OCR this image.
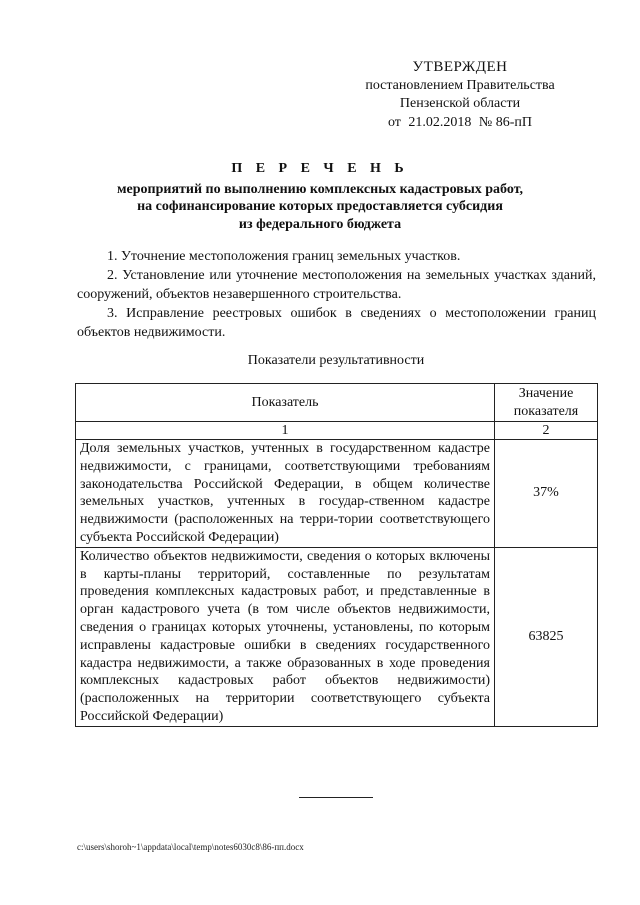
УТВЕРЖДЕН
постановлением Правительства
Пензенской области
от 21.02.2018 № 86-пП
П Е Р Е Ч Е Н Ь
мероприятий по выполнению комплексных кадастровых работ,
на софинансирование которых предоставляется субсидия
из федерального бюджета

1. Уточнение местоположения границ земельных участков.

2. Установление или уточнение местоположения на земельных участках зданий, сооружений, объектов незавершенного строительства.

3. Исправление реестровых ошибок в сведениях о местоположении границ объектов недвижимости.

Показатели результативности
Показатель	Значение показателя
1	2
Доля земельных участков, учтенных в государственном кадастре недвижимости, с границами, соответствующими требованиям законодательства Российской Федерации, в общем количестве земельных участков, учтенных в государ-ственном кадастре недвижимости (расположенных на терри-тории соответствующего субъекта Российской Федерации)	37%
Количество объектов недвижимости, сведения о которых включены в карты-планы территорий, составленные по результатам проведения комплексных кадастровых работ, и представленные в орган кадастрового учета (в том числе объектов недвижимости, сведения о границах которых уточнены, установлены, по которым исправлены кадастровые ошибки в сведениях государственного кадастра недвижимости, а также образованных в ходе проведения комплексных кадастровых работ объектов недвижимости) (расположенных на территории соответствующего субъекта Российской Федерации)	63825
c:\users\shoroh~1\appdata\local\temp\notes6030c8\86-пп.docx
